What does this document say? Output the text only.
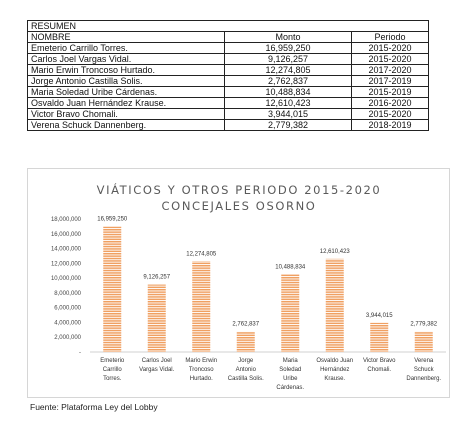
RESUMEN		
NOMBRE	Monto	Periodo
Emeterio Carrillo Torres.	16,959,250	2015-2020
Carlos Joel Vargas Vidal.	9,126,257	2015-2020
Mario Erwin Troncoso Hurtado.	12,274,805	2017-2020
Jorge Antonio Castilla Solis.	2,762,837	2017-2019
Maria Soledad Uribe Cárdenas.	10,488,834	2015-2019
Osvaldo Juan Hernández Krause.	12,610,423	2016-2020
Victor Bravo Chomali.	3,944,015	2015-2020
Verena Schuck Dannenberg.	2,779,382	2018-2019
VIÁTICOS Y OTROS PERIODO 2015-2020
CONCEJALES OSORNO
-
2,000,000
4,000,000
6,000,000
8,000,000
10,000,000
12,000,000
14,000,000
16,000,000
18,000,000	16,959,250
9,126,257
12,274,805
2,762,837
10,488,834
12,610,423
3,944,015
2,779,382
Emeterio
Carrillo
Torres.
Carlos Joel
Vargas Vidal.
Mario Erwin
Troncoso
Hurtado.
Jorge
Antonio
Castilla Solis.
Maria
Soledad
Uribe
Cárdenas.
Osvaldo Juan
Hernández
Krause.
Victor Bravo
Chomali.
Verena
Schuck
Dannenberg.
Fuente: Plataforma Ley del Lobby
